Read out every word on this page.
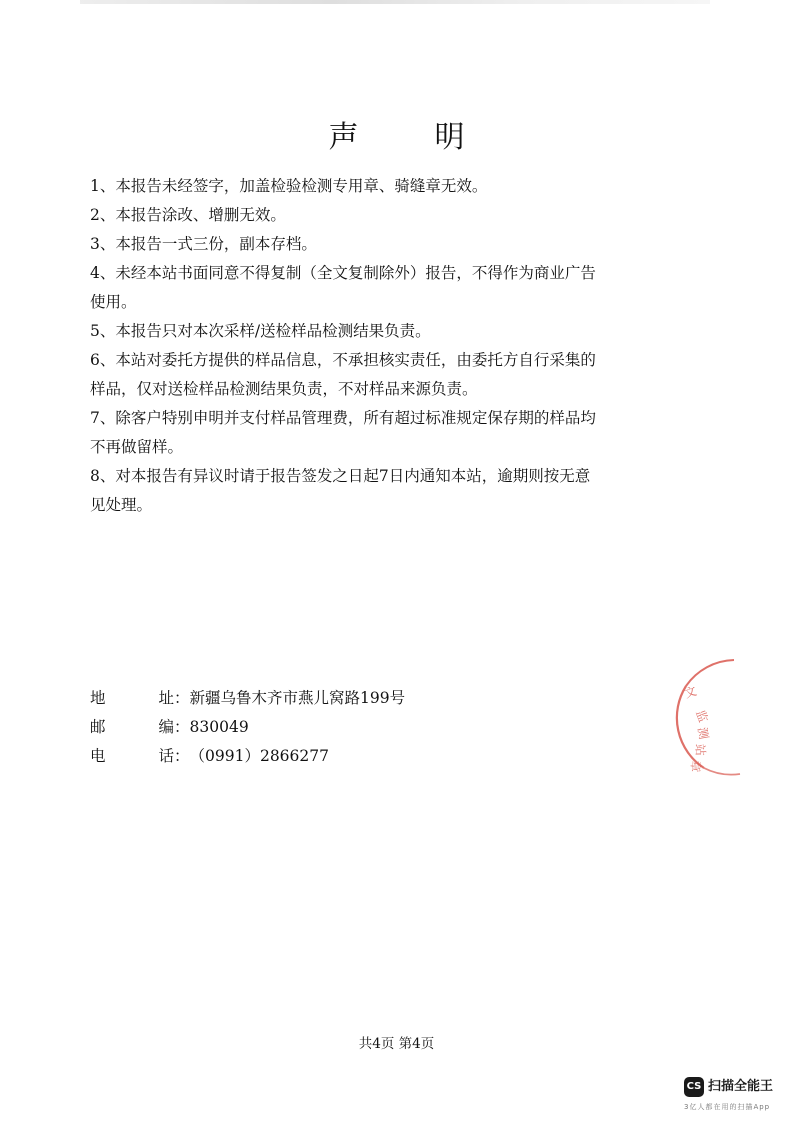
声	明
1、本报告未经签字，加盖检验检测专用章、骑缝章无效。
2、本报告涂改、增删无效。
3、本报告一式三份，副本存档。
4、未经本站书面同意不得复制（全文复制除外）报告，不得作为商业广告
使用。
5、本报告只对本次采样/送检样品检测结果负责。
6、本站对委托方提供的样品信息，不承担核实责任，由委托方自行采集的
样品，仅对送检样品检测结果负责，不对样品来源负责。
7、除客户特别申明并支付样品管理费，所有超过标准规定保存期的样品均
不再做留样。
8、对本报告有异议时请于报告签发之日起7日内通知本站，逾期则按无意
见处理。
地	址 ： 新疆乌鲁木齐市燕儿窝路199号
邮	编 ： 830049
电	话 ： （0991）2866277
文
监
测
站
章
共4页 第4页
CS 扫描全能王
3亿人都在用的扫描App
